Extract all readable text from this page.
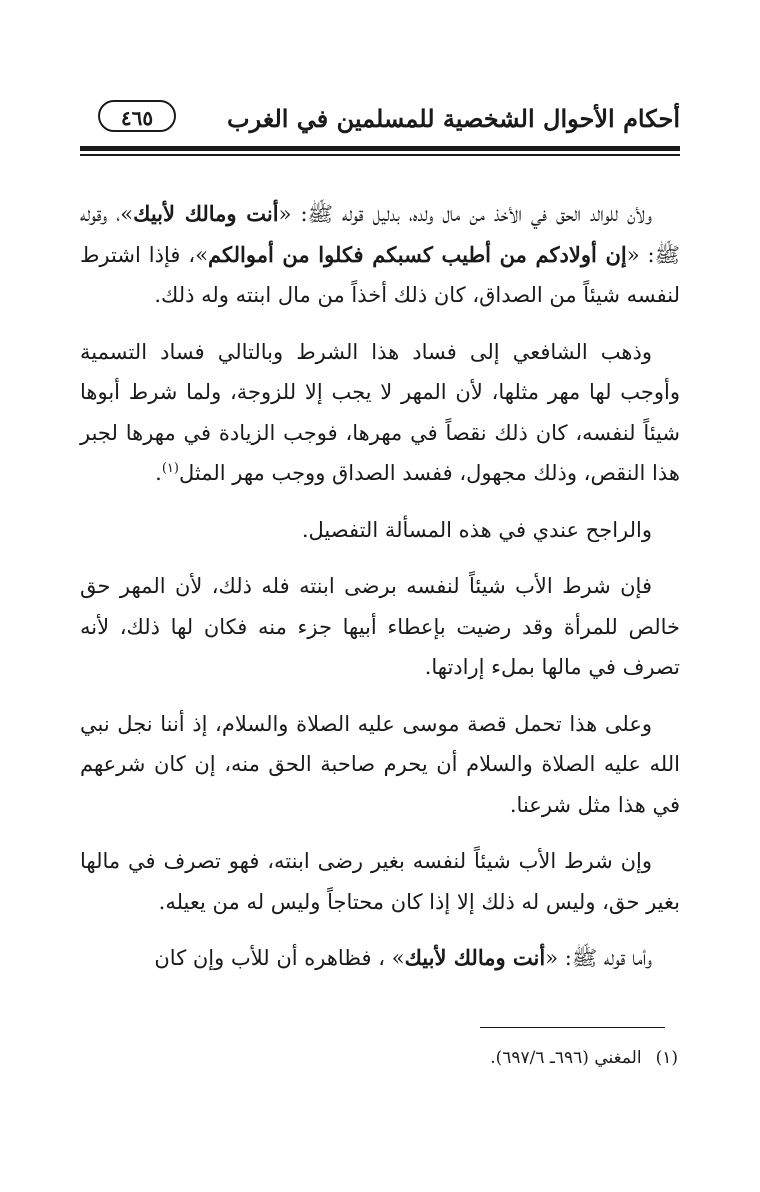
أحكام الأحوال الشخصية للمسلمين في الغرب
٤٦٥

ولأن للوالد الحق في الأخذ من مال ولده، بدليل قوله ﷺ: «أنت ومالك لأبيك»، وقوله ﷺ: «إن أولادكم من أطيب كسبكم فكلوا من أموالكم»، فإذا اشترط لنفسه شيئاً من الصداق، كان ذلك أخذاً من مال ابنته وله ذلك.

وذهب الشافعي إلى فساد هذا الشرط وبالتالي فساد التسمية وأوجب لها مهر مثلها، لأن المهر لا يجب إلا للزوجة، ولما شرط أبوها شيئاً لنفسه، كان ذلك نقصاً في مهرها، فوجب الزيادة في مهرها لجبر هذا النقص، وذلك مجهول، ففسد الصداق ووجب مهر المثل$^{(١)}$.

والراجح عندي في هذه المسألة التفصيل.

فإن شرط الأب شيئاً لنفسه برضى ابنته فله ذلك، لأن المهر حق خالص للمرأة وقد رضيت بإعطاء أبيها جزء منه فكان لها ذلك، لأنه تصرف في مالها بملء إرادتها.

وعلى هذا تحمل قصة موسى عليه الصلاة والسلام، إذ أننا نجل نبي الله عليه الصلاة والسلام أن يحرم صاحبة الحق منه، إن كان شرعهم في هذا مثل شرعنا.

وإن شرط الأب شيئاً لنفسه بغير رضى ابنته، فهو تصرف في مالها بغير حق، وليس له ذلك إلا إذا كان محتاجاً وليس له من يعيله.

وأما قوله ﷺ: «أنت ومالك لأبيك» ، فظاهره أن للأب وإن كان

(١)المغني (٦٩٦ـ ٦٩٧/٦).
